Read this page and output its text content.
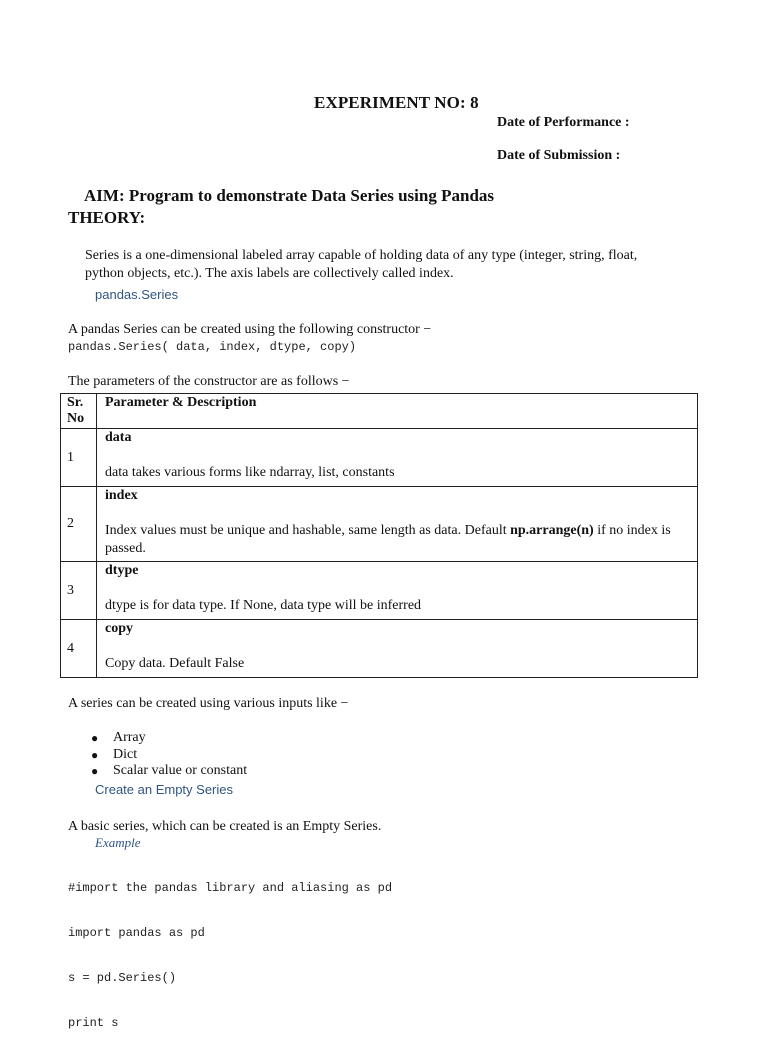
EXPERIMENT NO: 8
Date of Performance :
Date of Submission :
AIM: Program to demonstrate Data Series using Pandas
THEORY:
Series is a one-dimensional labeled array capable of holding data of any type (integer, string, float,
python objects, etc.). The axis labels are collectively called index.
pandas.Series
A pandas Series can be created using the following constructor −
pandas.Series( data, index, dtype, copy)
The parameters of the constructor are as follows −
Sr.
No	Parameter & Description
1	data
data takes various forms like ndarray, list, constants

2	index
Index values must be unique and hashable, same length as data. Default np.arrange(n) if no index is passed.

3	dtype
dtype is for data type. If None, data type will be inferred

4	copy
Copy data. Default False
A series can be created using various inputs like −
● Array
● Dict
● Scalar value or constant
Create an Empty Series
A basic series, which can be created is an Empty Series.
Example

#import the pandas library and aliasing as pd

import pandas as pd

s = pd.Series()

print s
